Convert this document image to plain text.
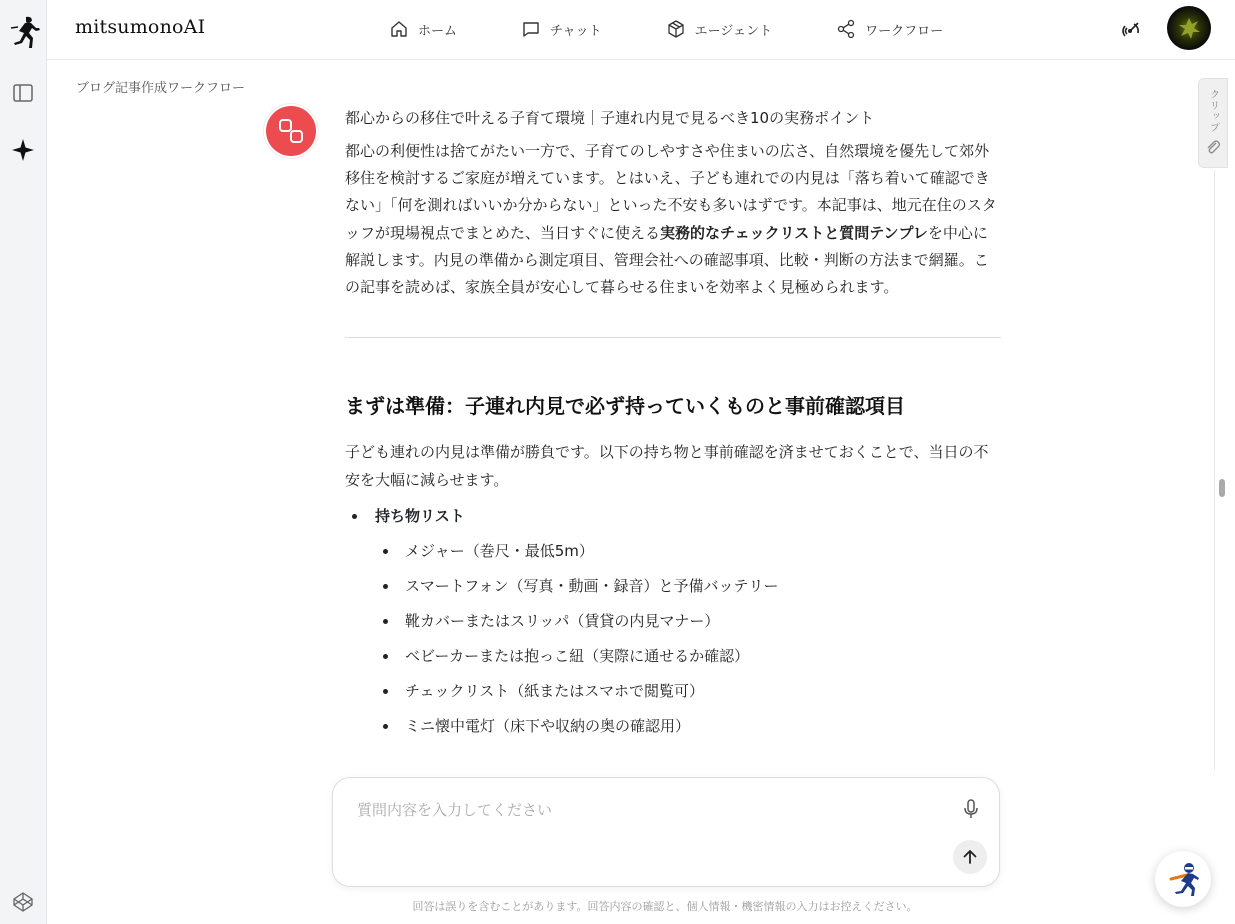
mitsumonoAI	ホーム	チャット	エージェント	ワークフロー
ブログ記事作成ワークフロー
都心からの移住で叶える子育て環境｜子連れ内見で見るべき10の実務ポイント

都心の利便性は捨てがたい一方で、子育てのしやすさや住まいの広さ、自然環境を優先して郊外移住を検討するご家庭が増えています。とはいえ、子ども連れでの内見は「落ち着いて確認できない」「何を測ればいいか分からない」といった不安も多いはずです。本記事は、地元在住のスタッフが現場視点でまとめた、当日すぐに使える実務的なチェックリストと質問テンプレを中心に解説します。内見の準備から測定項目、管理会社への確認事項、比較・判断の方法まで網羅。この記事を読めば、家族全員が安心して暮らせる住まいを効率よく見極められます。

まずは準備：子連れ内見で必ず持っていくものと事前確認項目

子ども連れの内見は準備が勝負です。以下の持ち物と事前確認を済ませておくことで、当日の不安を大幅に減らせます。

持ち物リスト
メジャー（巻尺・最低5m）
スマートフォン（写真・動画・録音）と予備バッテリー
靴カバーまたはスリッパ（賃貸の内見マナー）
ベビーカーまたは抱っこ紐（実際に通せるか確認）
チェックリスト（紙またはスマホで閲覧可）
ミニ懐中電灯（床下や収納の奥の確認用）
クリップ
質問内容を入力してください
回答は誤りを含むことがあります。回答内容の確認と、個人情報・機密情報の入力はお控えください。
